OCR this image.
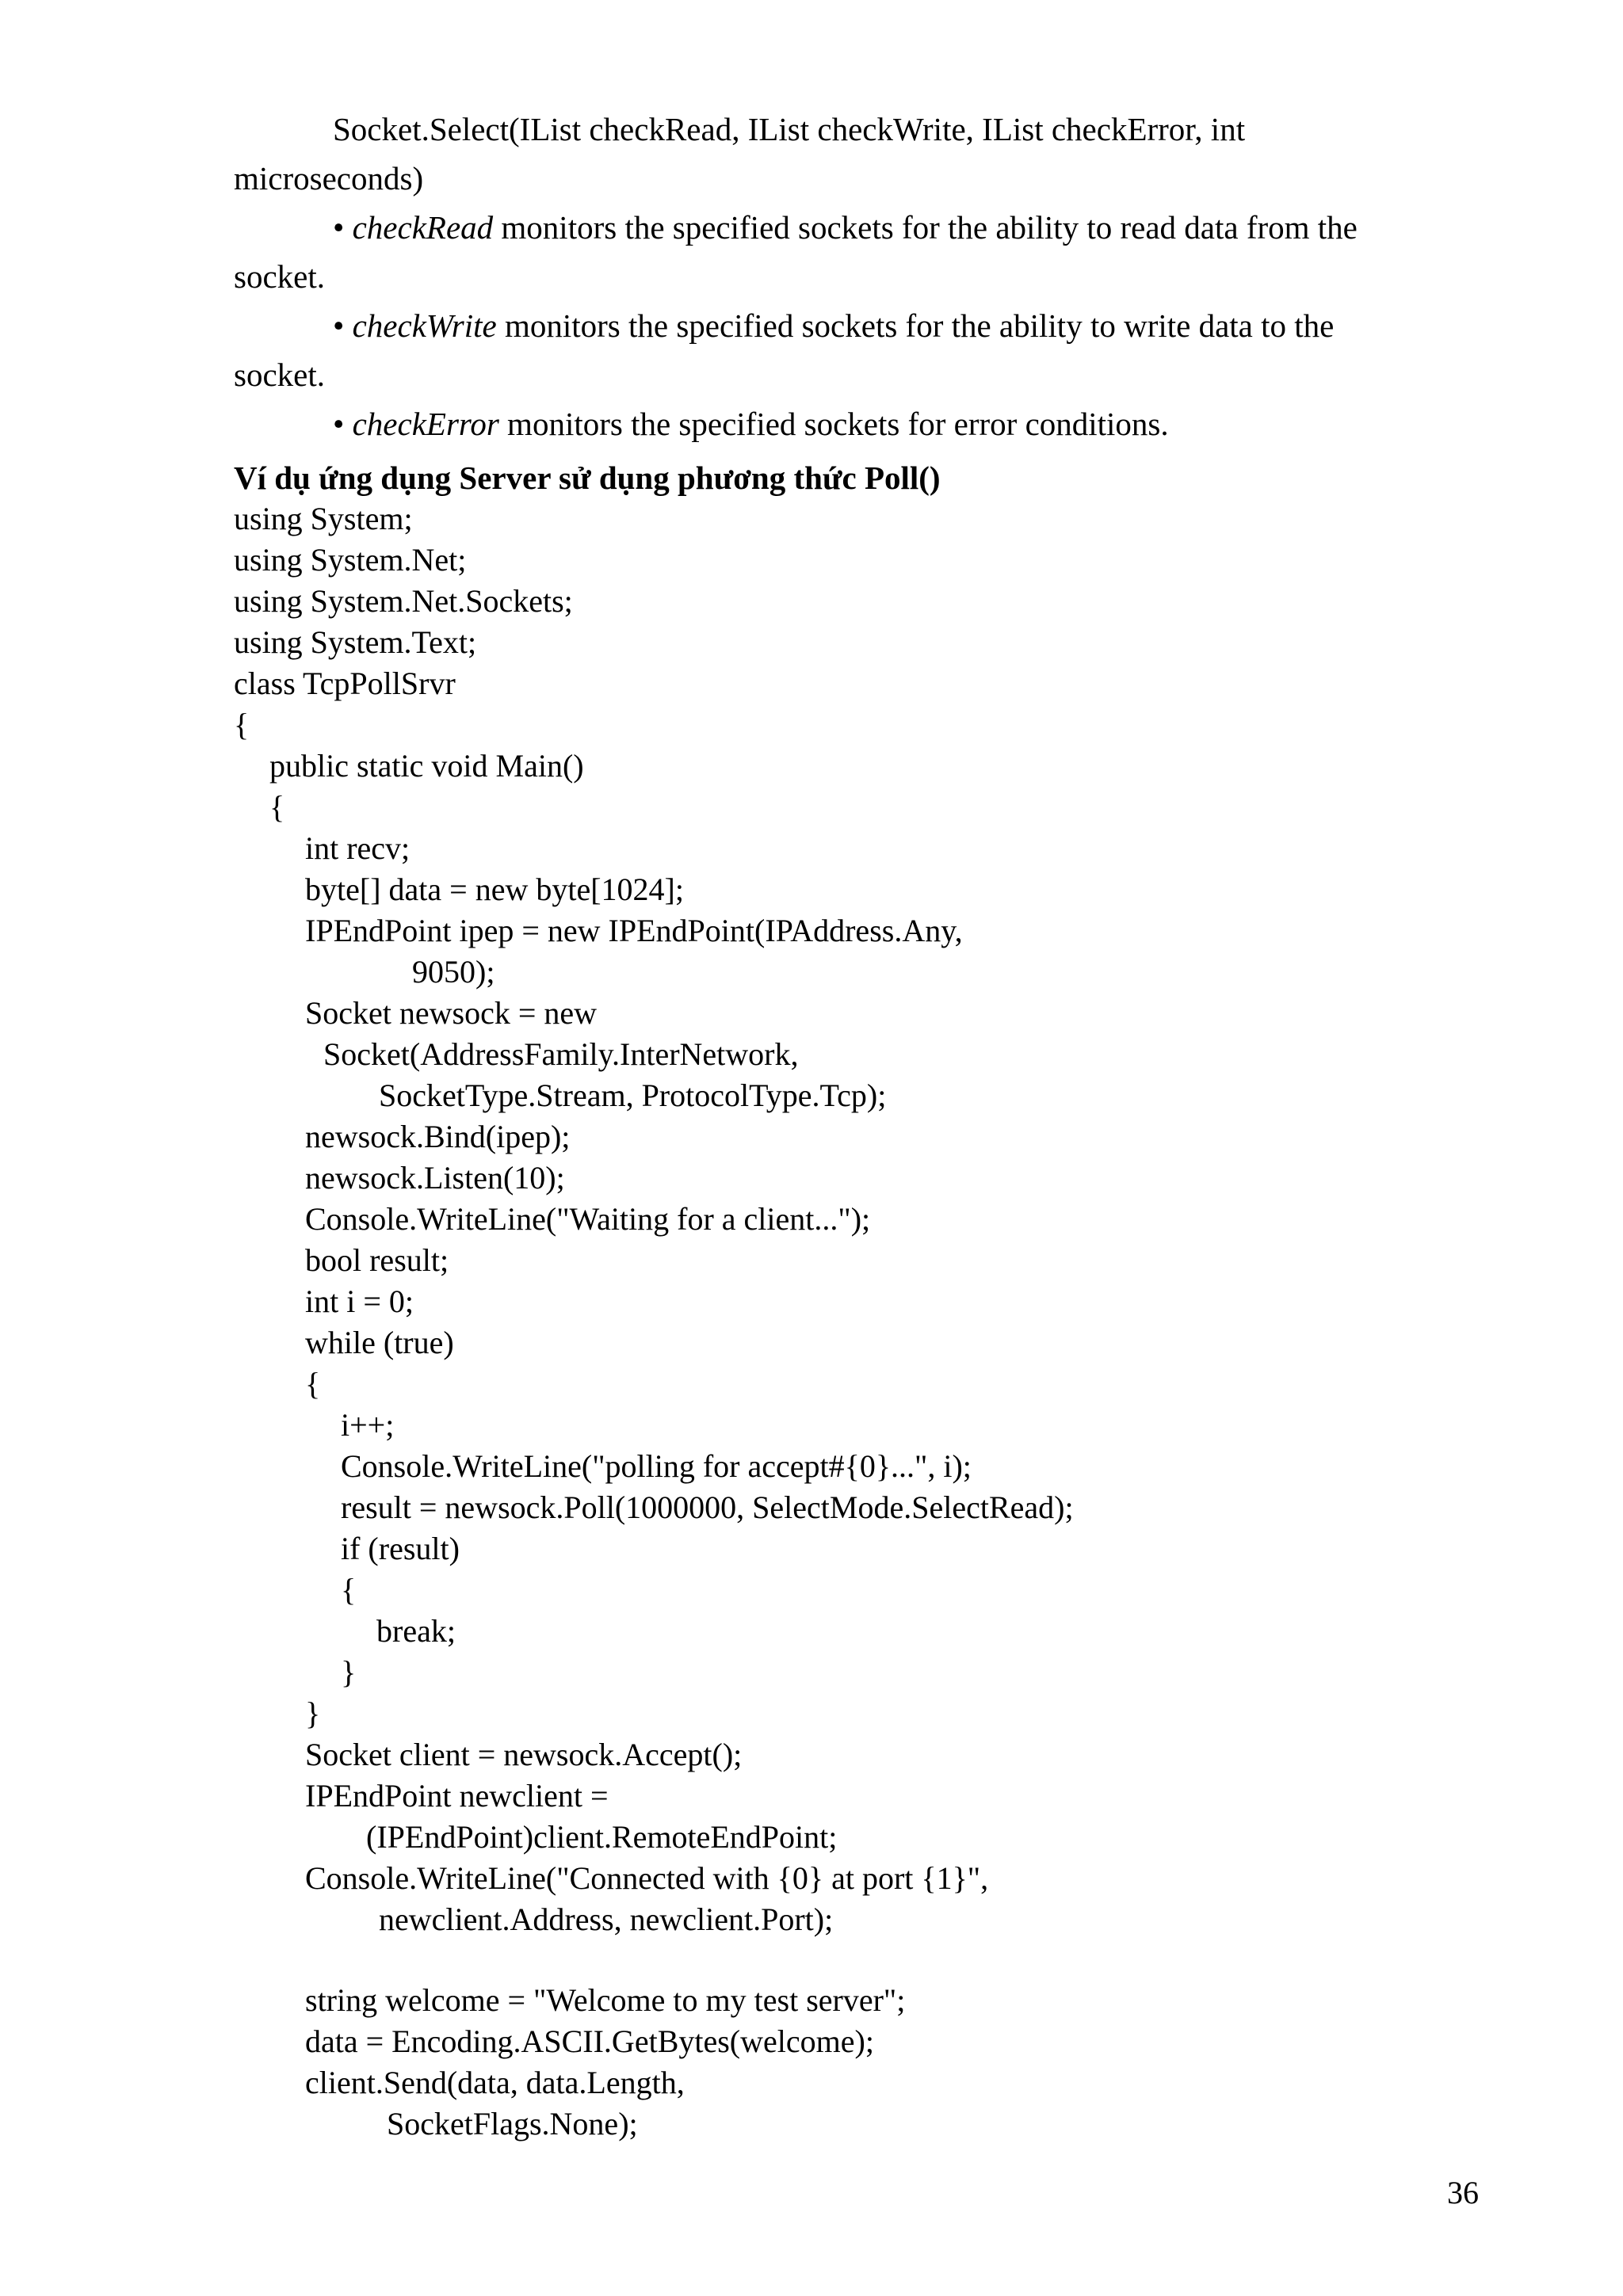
Socket.Select(IList checkRead, IList checkWrite, IList checkError, int
microseconds)
• checkRead monitors the specified sockets for the ability to read data from the
socket.
• checkWrite monitors the specified sockets for the ability to write data to the
socket.
• checkError monitors the specified sockets for error conditions.
Ví dụ ứng dụng Server sử dụng phương thức Poll()
using System;
using System.Net;
using System.Net.Sockets;
using System.Text;
class TcpPollSrvr
{
public static void Main()
{
int recv;
byte[] data = new byte[1024];
IPEndPoint ipep = new IPEndPoint(IPAddress.Any,
9050);
Socket newsock = new
Socket(AddressFamily.InterNetwork,
SocketType.Stream, ProtocolType.Tcp);
newsock.Bind(ipep);
newsock.Listen(10);
Console.WriteLine("Waiting for a client...");
bool result;
int i = 0;
while (true)
{
i++;
Console.WriteLine("polling for accept#{0}...", i);
result = newsock.Poll(1000000, SelectMode.SelectRead);
if (result)
{
break;
}
}
Socket client = newsock.Accept();
IPEndPoint newclient =
(IPEndPoint)client.RemoteEndPoint;
Console.WriteLine("Connected with {0} at port {1}",
newclient.Address, newclient.Port);
string welcome = "Welcome to my test server";
data = Encoding.ASCII.GetBytes(welcome);
client.Send(data, data.Length,
SocketFlags.None);
36
